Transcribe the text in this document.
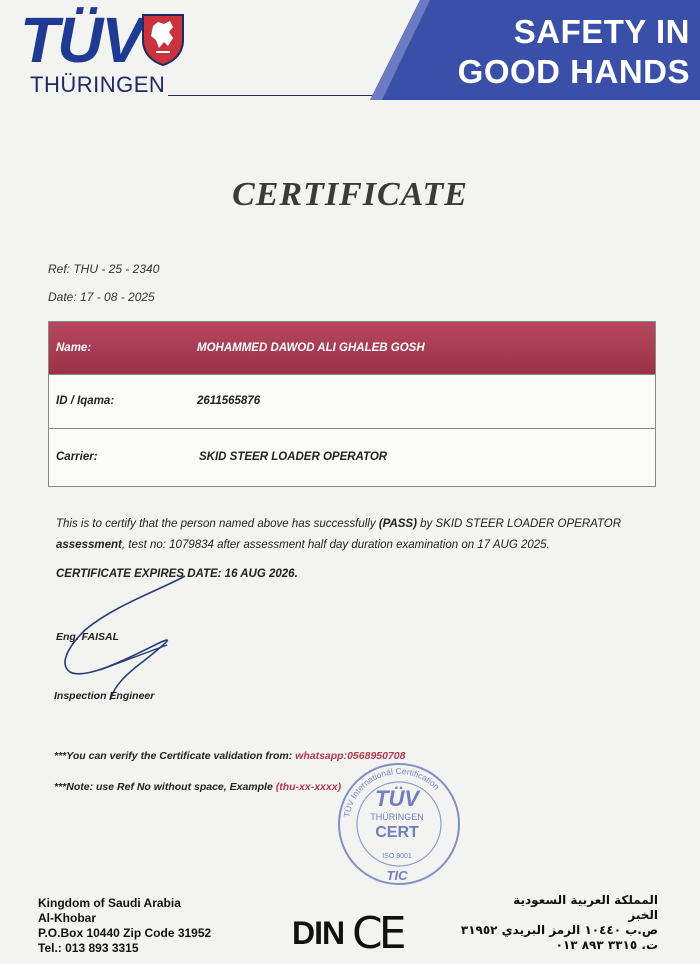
TÜV
THÜRINGEN
SAFETY IN
GOOD HANDS
CERTIFICATE
Ref: THU - 25 - 2340
Date: 17 - 08 - 2025
Name:	MOHAMMED DAWOD ALI GHALEB GOSH
ID / Iqama:	2611565876
Carrier:	SKID STEER LOADER OPERATOR
This is to certify that the person named above has successfully (PASS) by SKID STEER LOADER OPERATOR
assessment, test no: 1079834 after assessment half day duration examination on 17 AUG 2025.
CERTIFICATE EXPIRES DATE: 16 AUG 2026.
Eng. FAISAL
Inspection Engineer
***You can verify the Certificate validation from: whatsapp:0568950708
***Note: use Ref No without space, Example (thu-xx-xxxx)
TÜV International Certification
TÜV
THÜRINGEN
CERT
ISO 9001
TIC
Kingdom of Saudi Arabia
Al-Khobar
P.O.Box 10440 Zip Code 31952
Tel.: 013 893 3315	DIN CE
المملكة العربية السعودية
الخبر
ص.ب ١٠٤٤٠ الرمز البريدي ٣١٩٥٢
ت. ٣٣١٥ ٨٩٣ ٠١٣
